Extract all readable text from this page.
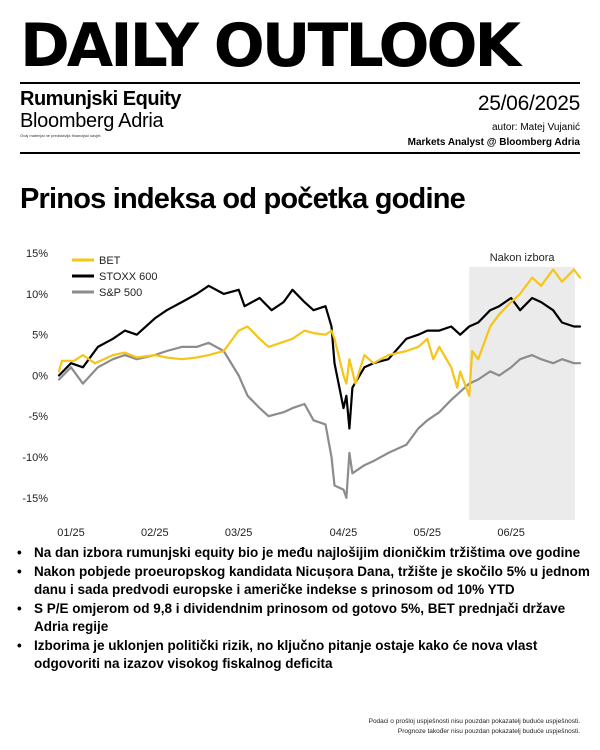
DAILY OUTLOOK
Rumunjski Equity
Bloomberg Adria
Ovaj materijal ne predstavlja financijski savjet.
25/06/2025
autor: Matej Vujanić
Markets Analyst @ Bloomberg Adria
Prinos indeksa od početka godine
Nakon izbora
-15%
-10%
-5%
0%
5%
10%
15%
01/25	02/25	03/25	04/25	05/25	06/25
BET
STOXX 600
S&P 500
• Na dan izbora rumunjski equity bio je među najlošijim dioničkim tržištima ove godine
• Nakon pobjede proeuropskog kandidata Nicușora Dana, tržište je skočilo 5% u jednom danu i sada predvodi europske i američke indekse s prinosom od 10% YTD
• S P/E omjerom od 9,8 i dividendnim prinosom od gotovo 5%, BET prednjači države Adria regije
• Izborima je uklonjen politički rizik, no ključno pitanje ostaje kako će nova vlast odgovoriti na izazov visokog fiskalnog deficita
Podaci o prošloj uspješnosti nisu pouzdan pokazatelj buduće uspješnosti.
Prognoze također nisu pouzdan pokazatelj buduće uspješnosti.
